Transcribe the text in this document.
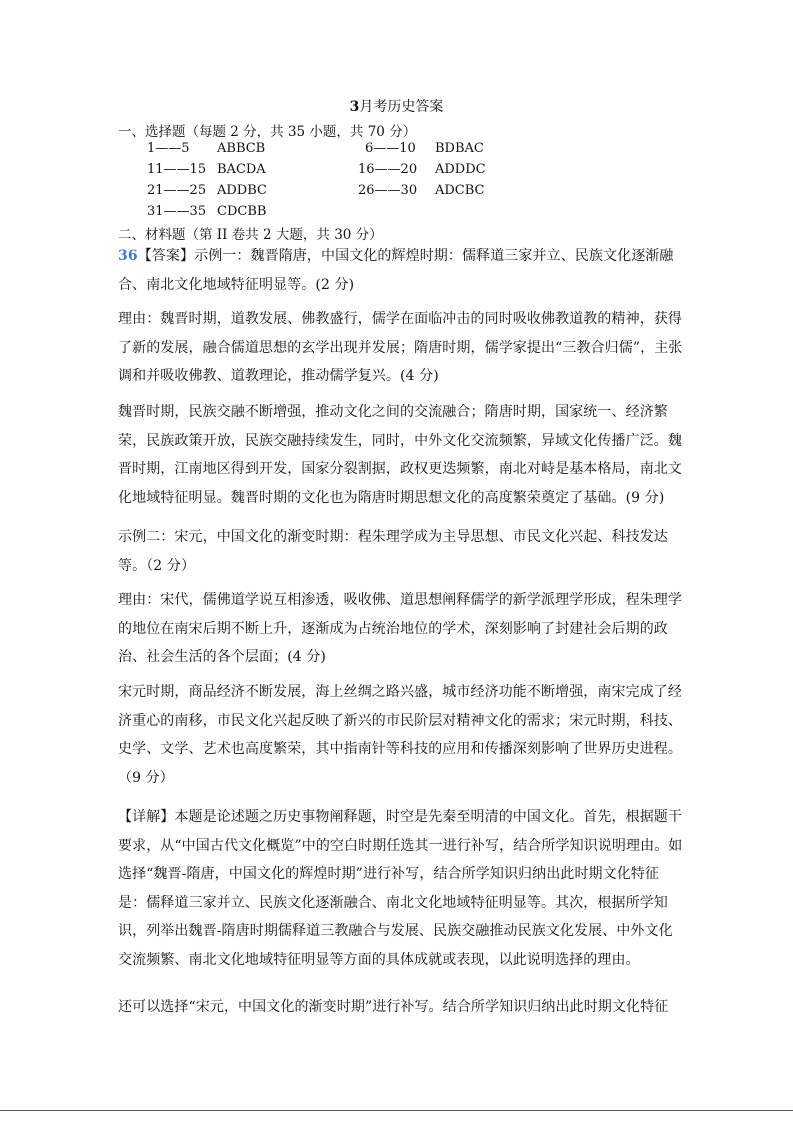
3月考历史答案
一、选择题（每题 2 分，共 35 小题，共 70 分）
1——5 ABBCB	6——10 BDBAC
11——15 BACDA	16——20 ADDDC
21——25 ADDBC	26——30 ADCBC
31——35 CDCBB
二、材料题（第 II 卷共 2 大题，共 30 分）
36【答案】示例一：魏晋隋唐，中国文化的辉煌时期：儒释道三家并立、民族文化逐渐融合、南北文化地域特征明显等。(2 分)
理由：魏晋时期，道教发展、佛教盛行，儒学在面临冲击的同时吸收佛教道教的精神，获得了新的发展，融合儒道思想的玄学出现并发展；隋唐时期，儒学家提出“三教合归儒”，主张调和并吸收佛教、道教理论，推动儒学复兴。(4 分)
魏晋时期，民族交融不断增强，推动文化之间的交流融合；隋唐时期，国家统一、经济繁荣，民族政策开放，民族交融持续发生，同时，中外文化交流频繁，异域文化传播广泛。魏晋时期，江南地区得到开发，国家分裂割据，政权更迭频繁，南北对峙是基本格局，南北文化地域特征明显。魏晋时期的文化也为隋唐时期思想文化的高度繁荣奠定了基础。(9 分)
示例二：宋元，中国文化的渐变时期：程朱理学成为主导思想、市民文化兴起、科技发达等。（2 分）
理由：宋代，儒佛道学说互相渗透，吸收佛、道思想阐释儒学的新学派理学形成，程朱理学的地位在南宋后期不断上升，逐渐成为占统治地位的学术，深刻影响了封建社会后期的政治、社会生活的各个层面；(4 分)
宋元时期，商品经济不断发展，海上丝绸之路兴盛，城市经济功能不断增强，南宋完成了经济重心的南移，市民文化兴起反映了新兴的市民阶层对精神文化的需求；宋元时期，科技、史学、文学、艺术也高度繁荣，其中指南针等科技的应用和传播深刻影响了世界历史进程。（9 分）
【详解】本题是论述题之历史事物阐释题，时空是先秦至明清的中国文化。首先，根据题干要求，从“中国古代文化概览”中的空白时期任选其一进行补写，结合所学知识说明理由。如选择“魏晋-隋唐，中国文化的辉煌时期”进行补写，结合所学知识归纳出此时期文化特征是：儒释道三家并立、民族文化逐渐融合、南北文化地域特征明显等。其次，根据所学知识，列举出魏晋-隋唐时期儒释道三教融合与发展、民族交融推动民族文化发展、中外文化交流频繁、南北文化地域特征明显等方面的具体成就或表现，以此说明选择的理由。
还可以选择“宋元，中国文化的渐变时期”进行补写。结合所学知识归纳出此时期文化特征
